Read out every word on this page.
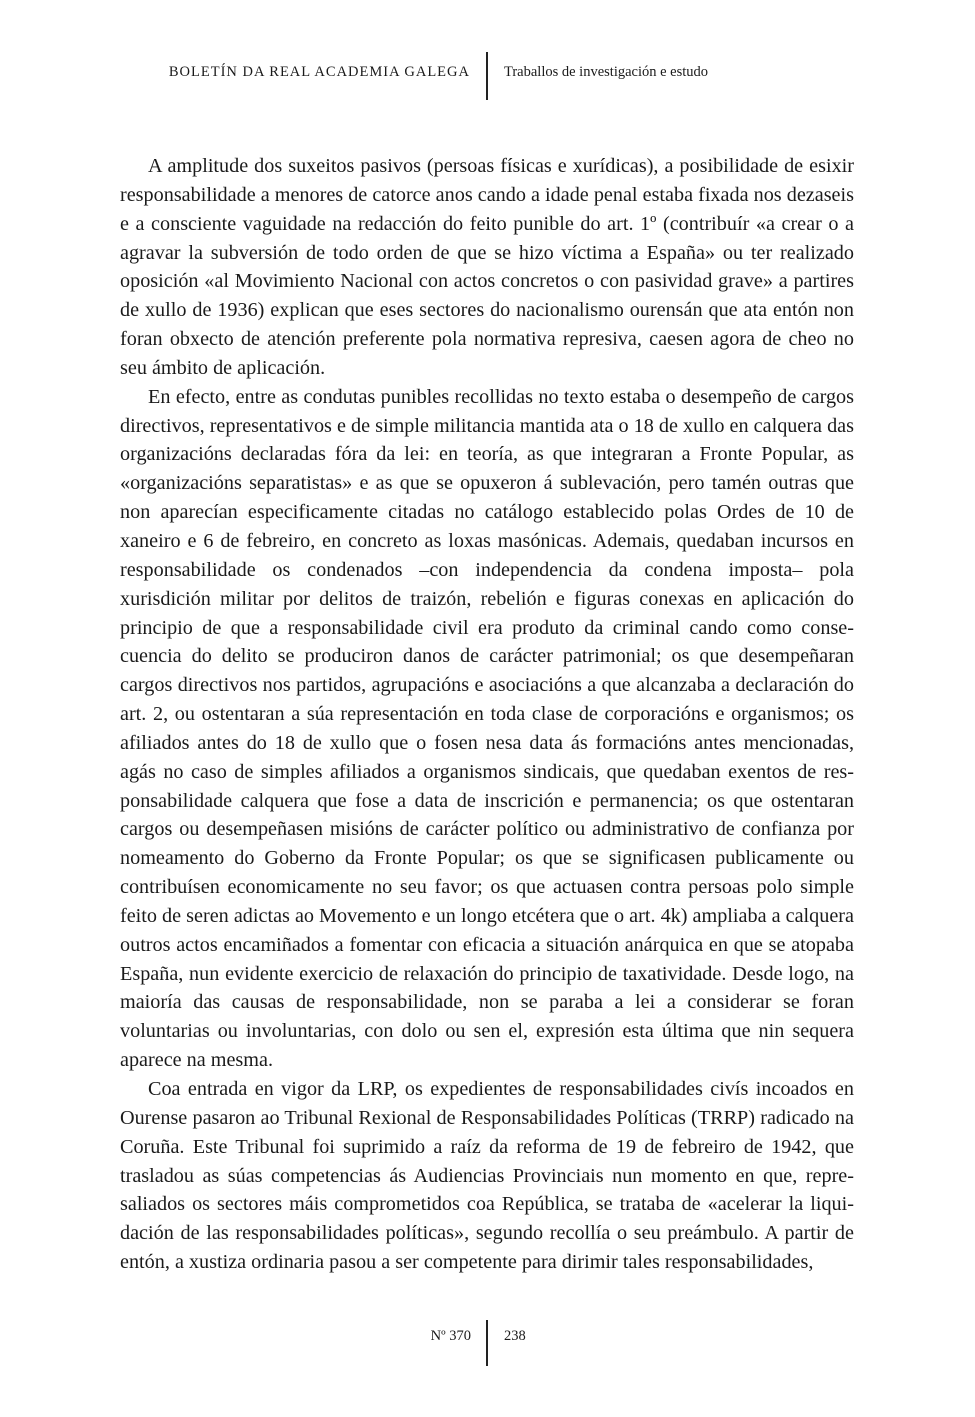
BOLETÍN DA REAL ACADEMIA GALEGA Traballos de investigación e estudo

A amplitude dos suxeitos pasivos (persoas físicas e xurídicas), a posibilidade de esixir responsabilidade a menores de catorce anos cando a idade penal estaba fixada nos dezaseis e a consciente vaguidade na redacción do feito punible do art. 1º (contribuír «a crear o a agravar la subversión de todo orden de que se hizo víctima a España» ou ter realizado oposición «al Movimiento Nacional con actos concretos o con pasividad grave» a partires de xullo de 1936) explican que eses sectores do nacionalismo ourensán que ata entón non foran obxecto de atención preferente pola normativa represiva, caesen agora de cheo no seu ámbito de aplicación.

En efecto, entre as condutas punibles recollidas no texto estaba o desempeño de cargos directivos, representativos e de simple militancia mantida ata o 18 de xullo en calquera das organizacións declaradas fóra da lei: en teoría, as que integraran a Fronte Popular, as «organizacións separatistas» e as que se opuxeron á sublevación, pero tamén outras que non aparecían especificamente citadas no catálogo establecido polas Ordes de 10 de xaneiro e 6 de febreiro, en concreto as loxas masónicas. Ademais, quedaban incursos en responsabilidade os condenados –con independencia da condena imposta– pola xurisdición militar por delitos de traizón, rebelión e figuras conexas en aplicación do principio de que a responsabilidade civil era produto da criminal cando como consecuencia do delito se produciron danos de carácter patrimonial; os que desempeñaran cargos directivos nos partidos, agrupacións e asociacións a que alcanzaba a declaración do art. 2, ou ostentaran a súa representación en toda clase de corporacións e organismos; os afiliados antes do 18 de xullo que o fosen nesa data ás formacións antes mencionadas, agás no caso de simples afiliados a organismos sindicais, que quedaban exentos de responsabilidade calquera que fose a data de inscrición e permanencia; os que ostentaran cargos ou desempeñasen misións de carácter político ou administrativo de confianza por nomeamento do Goberno da Fronte Popular; os que se significasen publicamente ou contribuísen economicamente no seu favor; os que actuasen contra persoas polo simple feito de seren adictas ao Movemento e un longo etcétera que o art. 4k) ampliaba a calquera outros actos encamiñados a fomentar con eficacia a situación anárquica en que se atopaba España, nun evidente exercicio de relaxación do principio de taxatividade. Desde logo, na maioría das causas de responsabilidade, non se paraba a lei a considerar se foran voluntarias ou involuntarias, con dolo ou sen el, expresión esta última que nin sequera aparece na mesma.

Coa entrada en vigor da LRP, os expedientes de responsabilidades civís incoados en Ourense pasaron ao Tribunal Rexional de Responsabilidades Políticas (TRRP) radicado na Coruña. Este Tribunal foi suprimido a raíz da reforma de 19 de febreiro de 1942, que trasladou as súas competencias ás Audiencias Provinciais nun momento en que, represaliados os sectores máis comprometidos coa República, se trataba de «acelerar la liquidación de las responsabilidades políticas», segundo recollía o seu preámbulo. A partir de entón, a xustiza ordinaria pasou a ser competente para dirimir tales responsabilidades,

Nº 370 238
